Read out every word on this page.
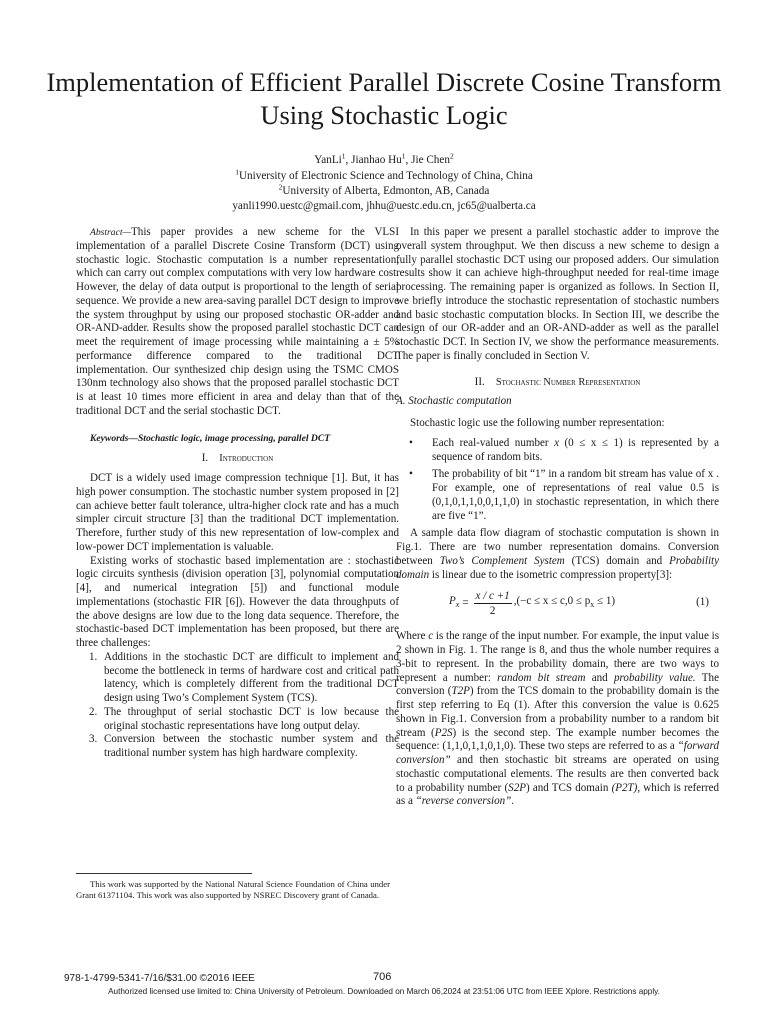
Implementation of Efficient Parallel Discrete Cosine Transform Using Stochastic Logic
YanLi$^1$, Jianhao Hu$^1$, Jie Chen$^2$
$^1$University of Electronic Science and Technology of China, China
$^2$University of Alberta, Edmonton, AB, Canada
yanli1990.uestc@gmail.com, jhhu@uestc.edu.cn, jc65@ualberta.ca

Abstract—This paper provides a new scheme for the VLSI implementation of a parallel Discrete Cosine Transform (DCT) using stochastic logic. Stochastic computation is a number representation, which can carry out complex computations with very low hardware cost. However, the delay of data output is proportional to the length of serial sequence. We provide a new area-saving parallel DCT design to improve the system throughput by using our proposed stochastic OR-adder and OR-AND-adder. Results show the proposed parallel stochastic DCT can meet the requirement of image processing while maintaining a ± 5% performance difference compared to the traditional DCT implementation. Our synthesized chip design using the TSMC CMOS 130nm technology also shows that the proposed parallel stochastic DCT is at least 10 times more efficient in area and delay than that of the traditional DCT and the serial stochastic DCT.

Keywords—Stochastic logic, image processing, parallel DCT

I. Introduction

DCT is a widely used image compression technique [1]. But, it has high power consumption. The stochastic number system proposed in [2] can achieve better fault tolerance, ultra-higher clock rate and has a much simpler circuit structure [3] than the traditional DCT implementation. Therefore, further study of this new representation of low-complex and low-power DCT implementation is valuable.

Existing works of stochastic based implementation are : stochastic logic circuits synthesis (division operation [3], polynomial computation [4], and numerical integration [5]) and functional module implementations (stochastic FIR [6]). However the data throughputs of the above designs are low due to the long data sequence. Therefore, the stochastic-based DCT implementation has been proposed, but there are three challenges:

1. Additions in the stochastic DCT are difficult to implement and become the bottleneck in terms of hardware cost and critical path latency, which is completely different from the traditional DCT design using Two’s Complement System (TCS).
2. The throughput of serial stochastic DCT is low because the original stochastic representations have long output delay.
3. Conversion between the stochastic number system and the traditional number system has high hardware complexity.

In this paper we present a parallel stochastic adder to improve the overall system throughput. We then discuss a new scheme to design a fully parallel stochastic DCT using our proposed adders. Our simulation results show it can achieve high-throughput needed for real-time image processing. The remaining paper is organized as follows. In Section II, we briefly introduce the stochastic representation of stochastic numbers and basic stochastic computation blocks. In Section III, we describe the design of our OR-adder and an OR-AND-adder as well as the parallel stochastic DCT. In Section IV, we show the performance measurements. The paper is finally concluded in Section V.

II. Stochastic Number Representation

A. Stochastic computation

Stochastic logic use the following number representation:

• Each real-valued number x (0 ≤ x ≤ 1) is represented by a sequence of random bits.
• The probability of bit “1” in a random bit stream has value of x . For example, one of representations of real value 0.5 is (0,1,0,1,1,0,0,1,1,0) in stochastic representation, in which there are five “1”.

A sample data flow diagram of stochastic computation is shown in Fig.1. There are two number representation domains. Conversion between Two’s Complement System (TCS) domain and Probability domain is linear due to the isometric compression property[3]:

$P_x = \frac{x / c +1}{2} ,(-c \le x \le c,0 \le p_x \le 1)$	(1)

Where c is the range of the input number. For example, the input value is 2 shown in Fig. 1. The range is 8, and thus the whole number requires a 3-bit to represent. In the probability domain, there are two ways to represent a number: random bit stream and probability value. The conversion (T2P) from the TCS domain to the probability domain is the first step referring to Eq (1). After this conversion the value is 0.625 shown in Fig.1. Conversion from a probability number to a random bit stream (P2S) is the second step. The example number becomes the sequence: (1,1,0,1,1,0,1,0). These two steps are referred to as a “forward conversion” and then stochastic bit streams are operated on using stochastic computational elements. The results are then converted back to a probability number (S2P) and TCS domain (P2T), which is referred as a “reverse conversion”.

This work was supported by the National Natural Science Foundation of China under Grant 61371104. This work was also supported by NSREC Discovery grant of Canada.

978-1-4799-5341-7/16/$31.00 ©2016 IEEE	706
Authorized licensed use limited to: China University of Petroleum. Downloaded on March 06,2024 at 23:51:06 UTC from IEEE Xplore. Restrictions apply.
